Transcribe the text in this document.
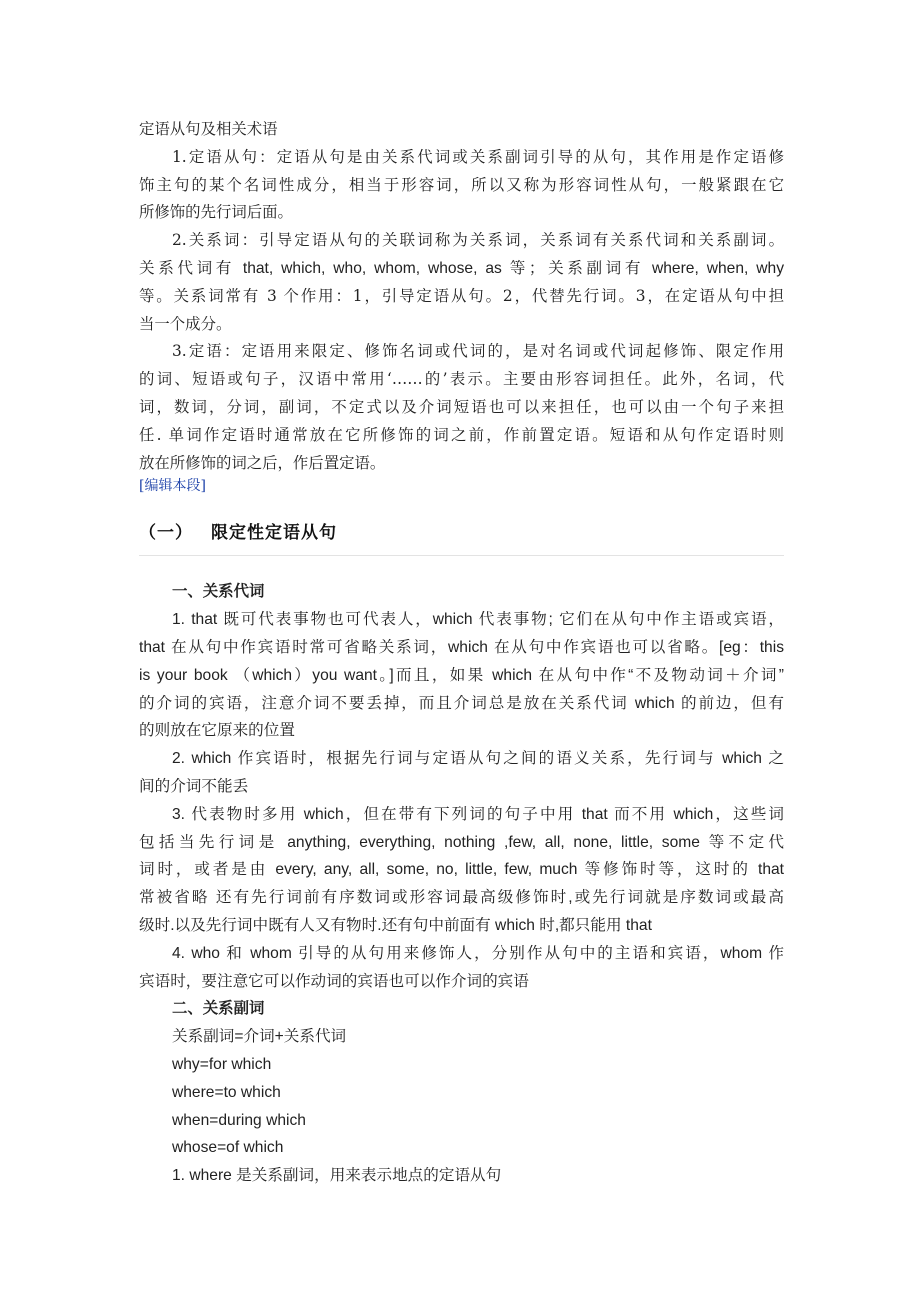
定语从句及相关术语
1.定语从句：定语从句是由关系代词或关系副词引导的从句，其作用是作定语修
饰主句的某个名词性成分，相当于形容词，所以又称为形容词性从句，一般紧跟在它
所修饰的先行词后面。
2.关系词：引导定语从句的关联词称为关系词，关系词有关系代词和关系副词。
关系代词有 that, which, who, whom, whose, as 等；关系副词有 where, when, why
等。关系词常有 3 个作用：1，引导定语从句。2，代替先行词。3，在定语从句中担
当一个成分。
3.定语：定语用来限定、修饰名词或代词的，是对名词或代词起修饰、限定作用
的词、短语或句子，汉语中常用‘……的’表示。主要由形容词担任。此外，名词，代
词，数词，分词，副词，不定式以及介词短语也可以来担任，也可以由一个句子来担
任. 单词作定语时通常放在它所修饰的词之前，作前置定语。短语和从句作定语时则
放在所修饰的词之后，作后置定语。
[编辑本段]
（一） 限定性定语从句
一、关系代词
1. that 既可代表事物也可代表人，which 代表事物; 它们在从句中作主语或宾语，
that 在从句中作宾语时常可省略关系词，which 在从句中作宾语也可以省略。[eg：this
is your book （which）you want。]而且，如果 which 在从句中作“不及物动词＋介词”
的介词的宾语，注意介词不要丢掉，而且介词总是放在关系代词 which 的前边，但有
的则放在它原来的位置
2. which 作宾语时，根据先行词与定语从句之间的语义关系，先行词与 which 之
间的介词不能丢
3. 代表物时多用 which，但在带有下列词的句子中用 that 而不用 which，这些词
包括当先行词是 anything, everything, nothing ,few, all, none, little, some 等不定代
词时，或者是由 every, any, all, some, no, little, few, much 等修饰时等，这时的 that
常被省略 还有先行词前有序数词或形容词最高级修饰时,或先行词就是序数词或最高
级时.以及先行词中既有人又有物时.还有句中前面有 which 时,都只能用 that
4. who 和 whom 引导的从句用来修饰人，分别作从句中的主语和宾语，whom 作
宾语时，要注意它可以作动词的宾语也可以作介词的宾语
二、关系副词
关系副词=介词+关系代词
why=for which
where=to which
when=during which
whose=of which
1. where 是关系副词，用来表示地点的定语从句
